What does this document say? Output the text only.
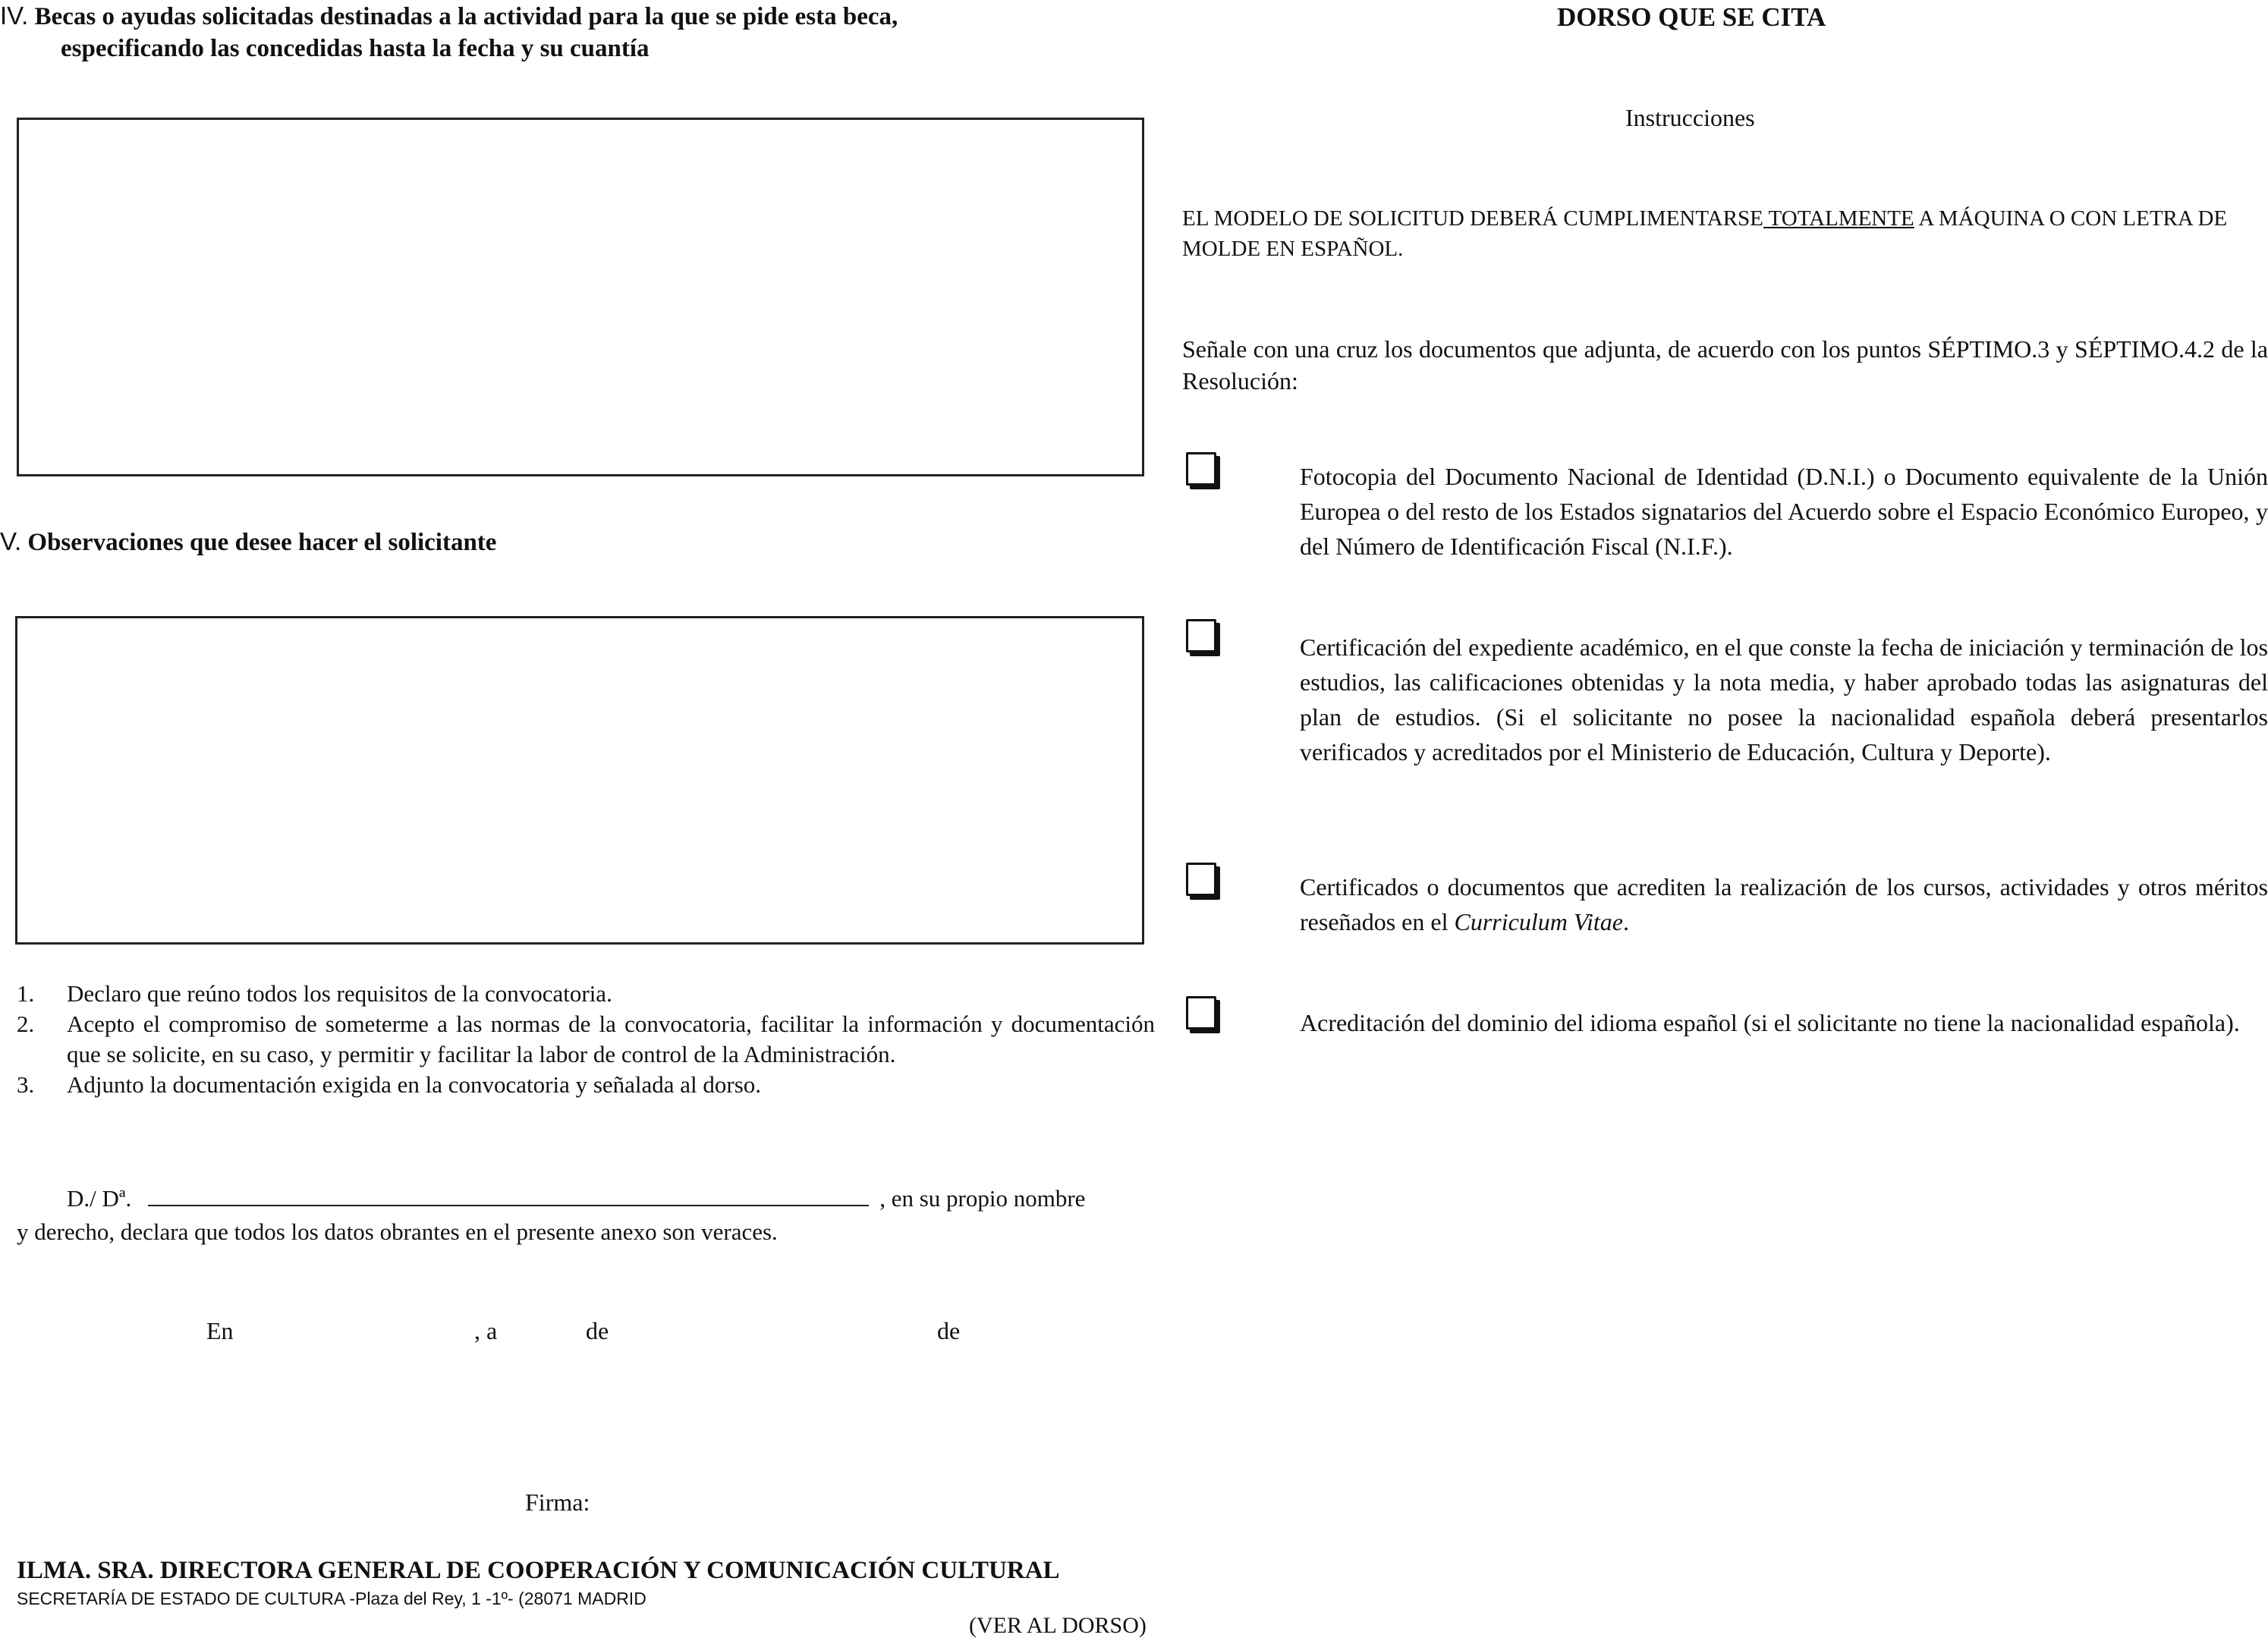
IV. Becas o ayudas solicitadas destinadas a la actividad para la que se pide esta beca,
especificando las concedidas hasta la fecha y su cuantía
V. Observaciones que desee hacer el solicitante
1. Declaro que reúno todos los requisitos de la convocatoria.
2. Acepto el compromiso de someterme a las normas de la convocatoria, facilitar la información y documentación que se solicite, en su caso, y permitir y facilitar la labor de control de la Administración.
3. Adjunto la documentación exigida en la convocatoria y señalada al dorso.
D./ Dª.	, en su propio nombre
y derecho, declara que todos los datos obrantes en el presente anexo son veraces.
En	, a	de	de
Firma:
ILMA. SRA. DIRECTORA GENERAL DE COOPERACIÓN Y COMUNICACIÓN CULTURAL
SECRETARÍA DE ESTADO DE CULTURA -Plaza del Rey, 1 -1º- (28071 MADRID
(VER AL DORSO)
DORSO QUE SE CITA
Instrucciones
EL MODELO DE SOLICITUD DEBERÁ CUMPLIMENTARSE TOTALMENTE A MÁQUINA O CON LETRA DE MOLDE EN ESPAÑOL.
Señale con una cruz los documentos que adjunta, de acuerdo con los puntos SÉPTIMO.3 y SÉPTIMO.4.2 de la Resolución:
Fotocopia del Documento Nacional de Identidad (D.N.I.) o Documento equivalente de la Unión Europea o del resto de los Estados signatarios del Acuerdo sobre el Espacio Económico Europeo, y del Número de Identificación Fiscal (N.I.F.).
Certificación del expediente académico, en el que conste la fecha de iniciación y terminación de los estudios, las calificaciones obtenidas y la nota media, y haber aprobado todas las asignaturas del plan de estudios. (Si el solicitante no posee la nacionalidad española deberá presentarlos verificados y acreditados por el Ministerio de Educación, Cultura y Deporte).
Certificados o documentos que acrediten la realización de los cursos, actividades y otros méritos reseñados en el Curriculum Vitae.
Acreditación del dominio del idioma español (si el solicitante no tiene la nacionalidad española).
